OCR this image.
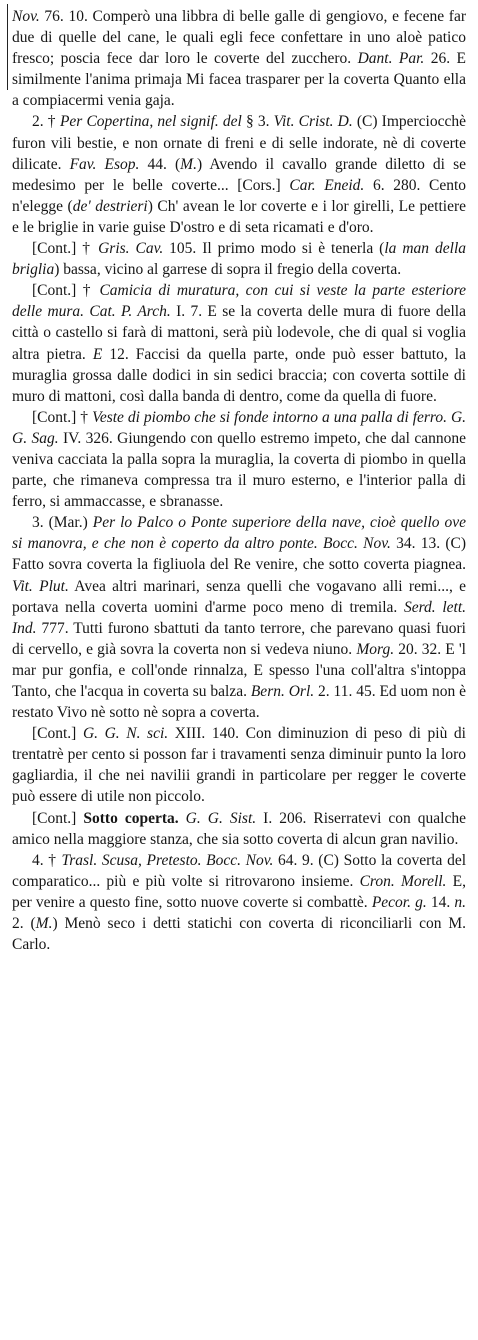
Nov. 76. 10. Comperò una libbra di belle galle di gengiovo, e fecene far due di quelle del cane, le quali egli fece confettare in uno aloè patico fresco; poscia fece dar loro le coverte del zucchero. Dant. Par. 26. E similmente l'anima primaja Mi facea trasparer per la coverta Quanto ella a compiacermi venia gaja.

2. † Per Copertina, nel signif. del § 3. Vit. Crist. D. (C) Imperciocchè furon vili bestie, e non ornate di freni e di selle indorate, nè di coverte dilicate. Fav. Esop. 44. (M.) Avendo il cavallo grande diletto di se medesimo per le belle coverte... [Cors.] Car. Eneid. 6. 280. Cento n'elegge (de' destrieri) Ch' avean le lor coverte e i lor girelli, Le pettiere e le briglie in varie guise D'ostro e di seta ricamati e d'oro.

[Cont.] † Gris. Cav. 105. Il primo modo si è tenerla (la man della briglia) bassa, vicino al garrese di sopra il fregio della coverta.

[Cont.] † Camicia di muratura, con cui si veste la parte esteriore delle mura. Cat. P. Arch. I. 7. E se la coverta delle mura di fuore della città o castello si farà di mattoni, serà più lodevole, che di qual si voglia altra pietra. E 12. Faccisi da quella parte, onde può esser battuto, la muraglia grossa dalle dodici in sin sedici braccia; con coverta sottile di muro di mattoni, così dalla banda di dentro, come da quella di fuore.

[Cont.] † Veste di piombo che si fonde intorno a una palla di ferro. G. G. Sag. IV. 326. Giungendo con quello estremo impeto, che dal cannone veniva cacciata la palla sopra la muraglia, la coverta di piombo in quella parte, che rimaneva compressa tra il muro esterno, e l'interior palla di ferro, si ammaccasse, e sbranasse.

3. (Mar.) Per lo Palco o Ponte superiore della nave, cioè quello ove si manovra, e che non è coperto da altro ponte. Bocc. Nov. 34. 13. (C) Fatto sovra coverta la figliuola del Re venire, che sotto coverta piagnea. Vit. Plut. Avea altri marinari, senza quelli che vogavano alli remi..., e portava nella coverta uomini d'arme poco meno di tremila. Serd. lett. Ind. 777. Tutti furono sbattuti da tanto terrore, che parevano quasi fuori di cervello, e già sovra la coverta non si vedeva niuno. Morg. 20. 32. E 'l mar pur gonfia, e coll'onde rinnalza, E spesso l'una coll'altra s'intoppa Tanto, che l'acqua in coverta su balza. Bern. Orl. 2. 11. 45. Ed uom non è restato Vivo nè sotto nè sopra a coverta.

[Cont.] G. G. N. sci. XIII. 140. Con diminuzion di peso di più di trentatrè per cento si posson far i travamenti senza diminuir punto la loro gagliardia, il che nei navilii grandi in particolare per regger le coverte può essere di utile non piccolo.

[Cont.] Sotto coperta. G. G. Sist. I. 206. Riserratevi con qualche amico nella maggiore stanza, che sia sotto coverta di alcun gran navilio.

4. † Trasl. Scusa, Pretesto. Bocc. Nov. 64. 9. (C) Sotto la coverta del comparatico... più e più volte si ritrovarono insieme. Cron. Morell. E, per venire a questo fine, sotto nuove coverte si combattè. Pecor. g. 14. n. 2. (M.) Menò seco i detti statichi con coverta di riconciliarli con M. Carlo.
